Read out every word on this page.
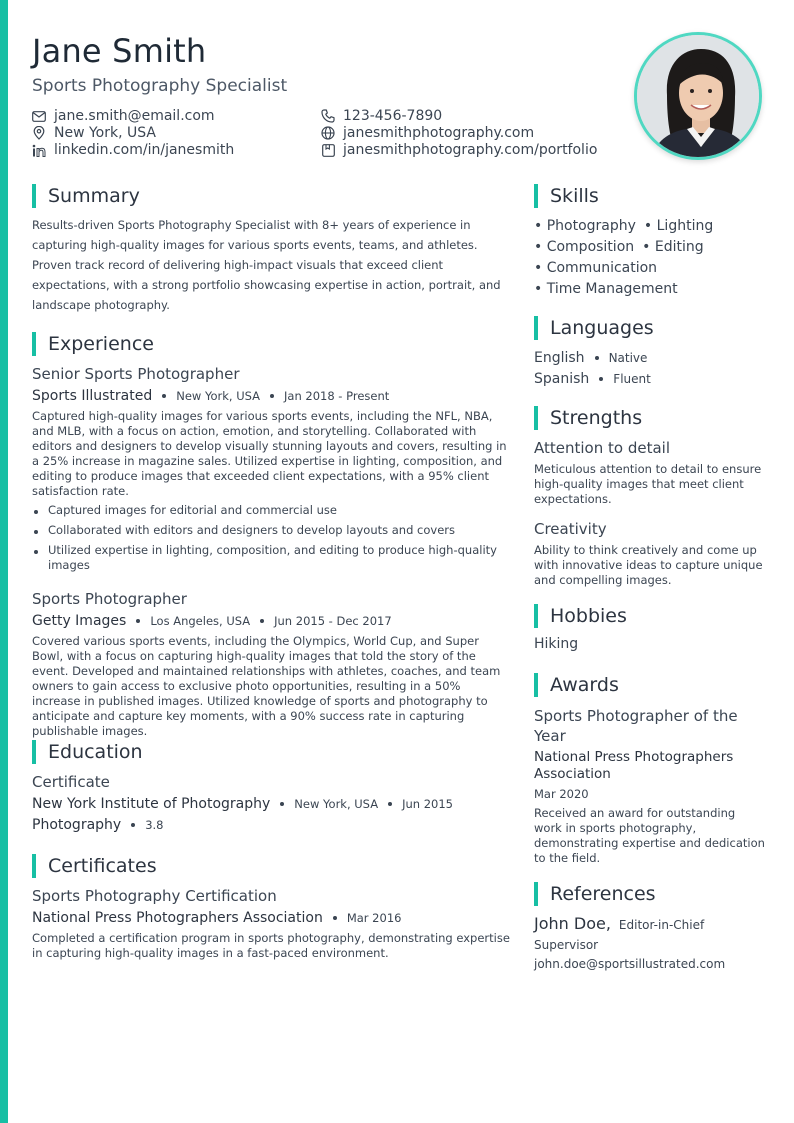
Jane Smith
Sports Photography Specialist
jane.smith@email.com
New York, USA
linkedin.com/in/janesmith
123-456-7890
janesmithphotography.com
janesmithphotography.com/portfolio
Summary
Results-driven Sports Photography Specialist with 8+ years of experience in capturing high-quality images for various sports events, teams, and athletes. Proven track record of delivering high-impact visuals that exceed client expectations, with a strong portfolio showcasing expertise in action, portrait, and landscape photography.
Experience
Senior Sports Photographer
Sports Illustrated New York, USA Jan 2018 - Present
Captured high-quality images for various sports events, including the NFL, NBA, and MLB, with a focus on action, emotion, and storytelling. Collaborated with editors and designers to develop visually stunning layouts and covers, resulting in a 25% increase in magazine sales. Utilized expertise in lighting, composition, and editing to produce images that exceeded client expectations, with a 95% client satisfaction rate.
Captured images for editorial and commercial use
Collaborated with editors and designers to develop layouts and covers
Utilized expertise in lighting, composition, and editing to produce high-quality images
Sports Photographer
Getty Images Los Angeles, USA Jun 2015 - Dec 2017
Covered various sports events, including the Olympics, World Cup, and Super Bowl, with a focus on capturing high-quality images that told the story of the event. Developed and maintained relationships with athletes, coaches, and team owners to gain access to exclusive photo opportunities, resulting in a 50% increase in published images. Utilized knowledge of sports and photography to anticipate and capture key moments, with a 90% success rate in capturing publishable images.
Education
Certificate
New York Institute of Photography New York, USA Jun 2015
Photography 3.8
Certificates
Sports Photography Certification
National Press Photographers Association Mar 2016
Completed a certification program in sports photography, demonstrating expertise in capturing high-quality images in a fast-paced environment.
Skills
• Photography • Lighting
• Composition • Editing
• Communication
• Time Management
Languages
English Native
Spanish Fluent
Strengths
Attention to detail
Meticulous attention to detail to ensure high-quality images that meet client expectations.
Creativity
Ability to think creatively and come up with innovative ideas to capture unique and compelling images.
Hobbies
Hiking
Awards
Sports Photographer of the Year
National Press Photographers Association
Mar 2020
Received an award for outstanding work in sports photography, demonstrating expertise and dedication to the field.
References
John Doe, Editor-in-Chief
Supervisor
john.doe@sportsillustrated.com
